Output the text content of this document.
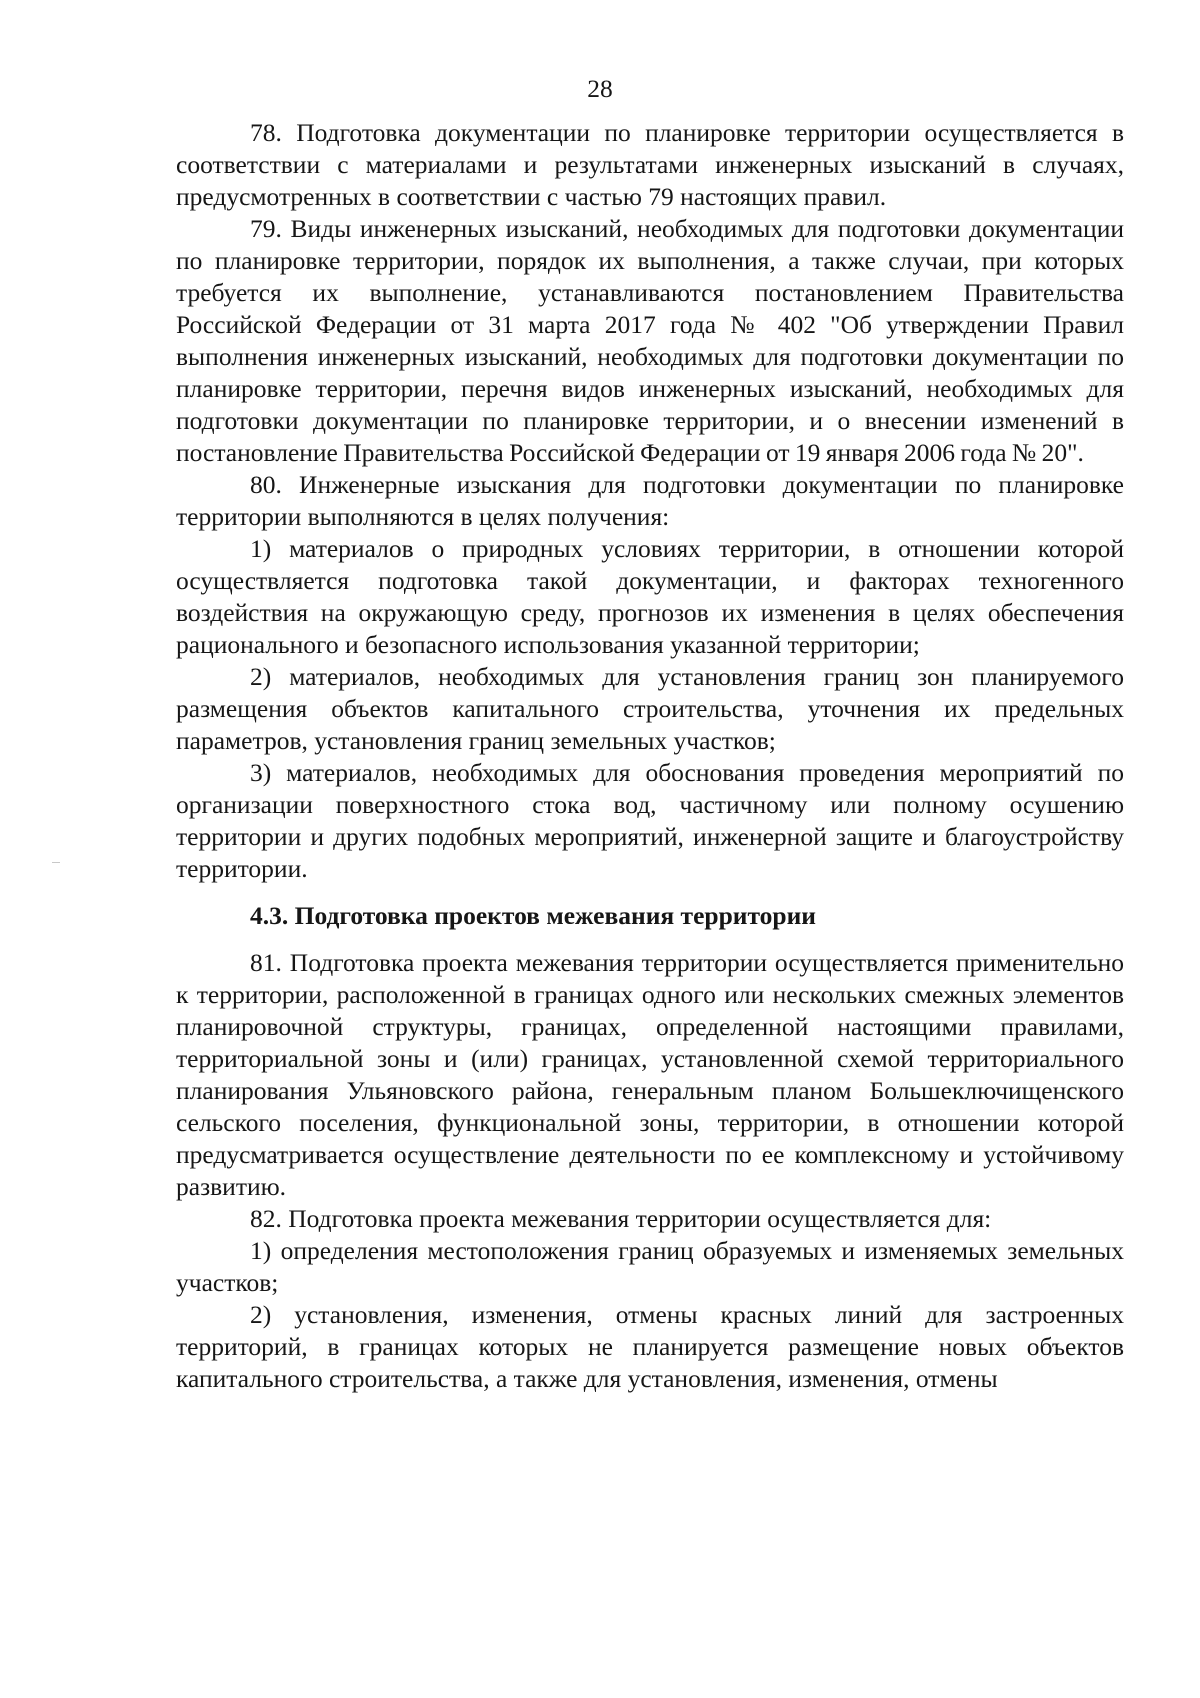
28

78. Подготовка документации по планировке территории осуществляется в соответствии с материалами и результатами инженерных изысканий в случаях, предусмотренных в соответствии с частью 79 настоящих правил.

79. Виды инженерных изысканий, необходимых для подготовки документации по планировке территории, порядок их выполнения, а также случаи, при которых требуется их выполнение, устанавливаются постановлением Правительства Российской Федерации от 31 марта 2017 года № 402 "Об утверждении Правил выполнения инженерных изысканий, необходимых для подготовки документации по планировке территории, перечня видов инженерных изысканий, необходимых для подготовки документации по планировке территории, и о внесении изменений в постановление Правительства Российской Федерации от 19 января 2006 года № 20".

80. Инженерные изыскания для подготовки документации по планировке территории выполняются в целях получения:

1) материалов о природных условиях территории, в отношении которой осуществляется подготовка такой документации, и факторах техногенного воздействия на окружающую среду, прогнозов их изменения в целях обеспечения рационального и безопасного использования указанной территории;

2) материалов, необходимых для установления границ зон планируемого размещения объектов капитального строительства, уточнения их предельных параметров, установления границ земельных участков;

3) материалов, необходимых для обоснования проведения мероприятий по организации поверхностного стока вод, частичному или полному осушению территории и других подобных мероприятий, инженерной защите и благоустройству территории.

4.3. Подготовка проектов межевания территории

81. Подготовка проекта межевания территории осуществляется применительно к территории, расположенной в границах одного или нескольких смежных элементов планировочной структуры, границах, определенной настоящими правилами, территориальной зоны и (или) границах, установленной схемой территориального планирования Ульяновского района, генеральным планом Большеключищенского сельского поселения, функциональной зоны, территории, в отношении которой предусматривается осуществление деятельности по ее комплексному и устойчивому развитию.

82. Подготовка проекта межевания территории осуществляется для:

1) определения местоположения границ образуемых и изменяемых земельных участков;

2) установления, изменения, отмены красных линий для застроенных территорий, в границах которых не планируется размещение новых объектов капитального строительства, а также для установления, изменения, отмены
